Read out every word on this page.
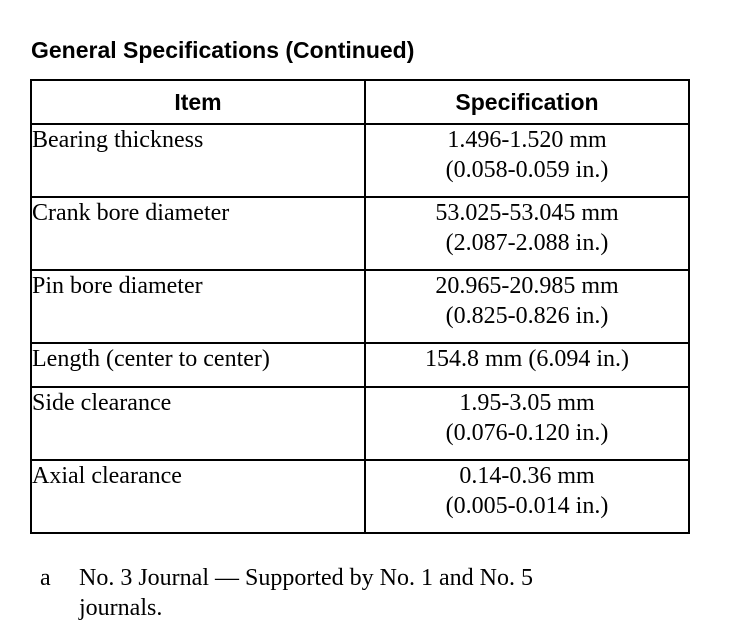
General Specifications (Continued)
Item	Specification
Bearing thickness	1.496-1.520 mm
(0.058-0.059 in.)

Crank bore diameter	53.025-53.045 mm
(2.087-2.088 in.)

Pin bore diameter	20.965-20.985 mm
(0.825-0.826 in.)

Length (center to center)	154.8 mm (6.094 in.)

Side clearance	1.95-3.05 mm
(0.076-0.120 in.)

Axial clearance	0.14-0.36 mm
(0.005-0.014 in.)
a No. 3 Journal — Supported by No. 1 and No. 5
journals.
